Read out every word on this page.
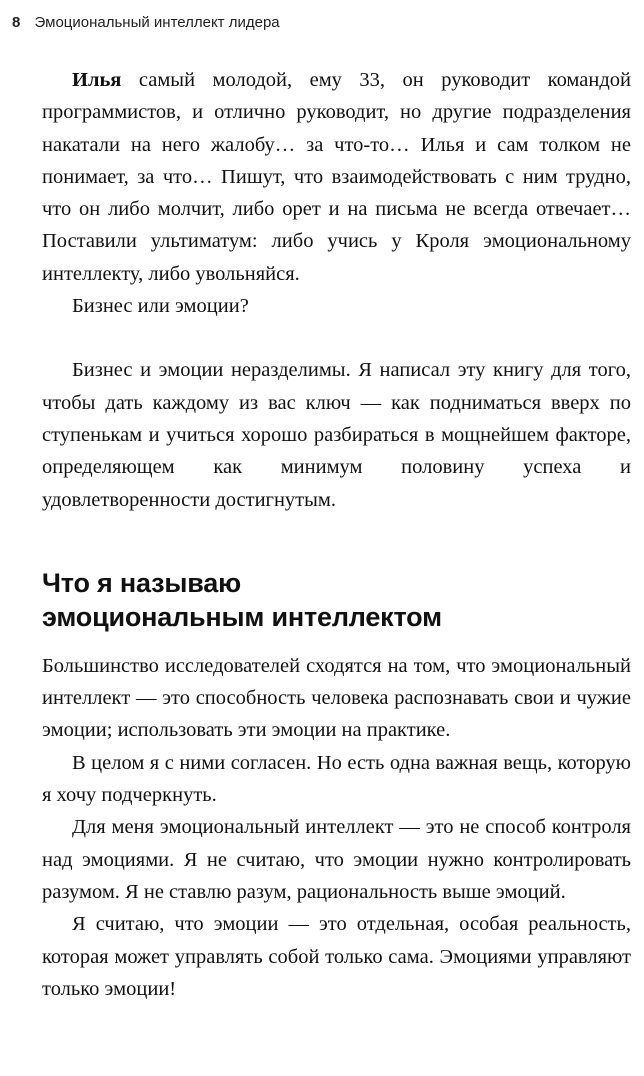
8 Эмоциональный интеллект лидера

Илья самый молодой, ему 33, он руководит командой программистов, и отлично руководит, но другие подразделения накатали на него жалобу… за что-то… Илья и сам толком не понимает, за что… Пишут, что взаимодействовать с ним трудно, что он либо молчит, либо орет и на письма не всегда отвечает… Поставили ультиматум: либо учись у Кроля эмоциональному интеллекту, либо увольняйся.

Бизнес или эмоции?

Бизнес и эмоции неразделимы. Я написал эту книгу для того, чтобы дать каждому из вас ключ — как подниматься вверх по ступенькам и учиться хорошо разбираться в мощнейшем факторе, определяющем как минимум половину успеха и удовлетворенности достигнутым.

Что я называю
эмоциональным интеллектом

Большинство исследователей сходятся на том, что эмоциональный интеллект — это способность человека распознавать свои и чужие эмоции; использовать эти эмоции на практике.

В целом я с ними согласен. Но есть одна важная вещь, которую я хочу подчеркнуть.

Для меня эмоциональный интеллект — это не способ контроля над эмоциями. Я не считаю, что эмоции нужно контролировать разумом. Я не ставлю разум, рациональность выше эмоций.

Я считаю, что эмоции — это отдельная, особая реальность, которая может управлять собой только сама. Эмоциями управляют только эмоции!
